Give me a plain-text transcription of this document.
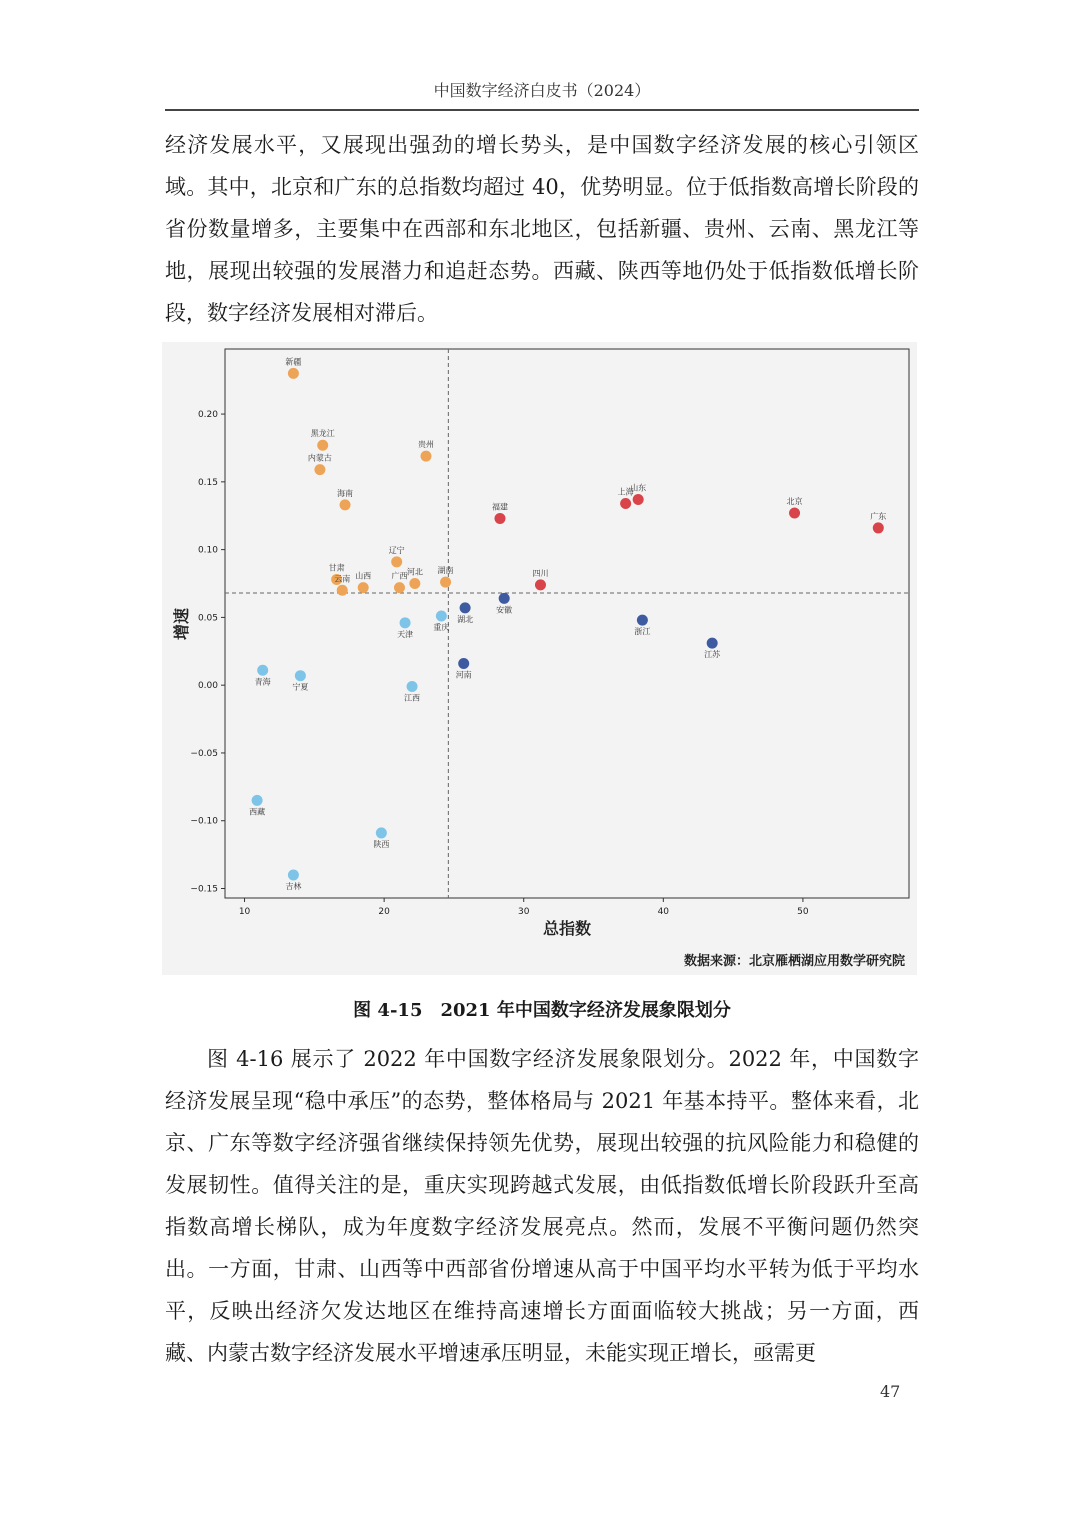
中国数字经济白皮书（2024）

经济发展水平，又展现出强劲的增长势头，是中国数字经济发展的核心引领区域。其中，北京和广东的总指数均超过 40，优势明显。位于低指数高增长阶段的省份数量增多，主要集中在西部和东北地区，包括新疆、贵州、云南、黑龙江等地，展现出较强的发展潜力和追赶态势。西藏、陕西等地仍处于低指数低增长阶段，数字经济发展相对滞后。

10	20	30	40	50
−0.15
−0.10
−0.05
0.00
0.05
0.10
0.15
0.20
北京
广东
上海
山东
福建
四川
新疆
黑龙江
内蒙古
贵州
海南
甘肃
云南 山西
辽宁
广西 河北 湖南
湖北
安徽
浙江
江苏
河南
重庆
天津
青海
宁夏
江西
西藏
陕西
吉林
总指数
增速
数据来源：北京雁栖湖应用数学研究院
图 4-15　2021 年中国数字经济发展象限划分

图 4-16 展示了 2022 年中国数字经济发展象限划分。2022 年，中国数字经济发展呈现“稳中承压”的态势，整体格局与 2021 年基本持平。整体来看，北京、广东等数字经济强省继续保持领先优势，展现出较强的抗风险能力和稳健的发展韧性。值得关注的是，重庆实现跨越式发展，由低指数低增长阶段跃升至高指数高增长梯队，成为年度数字经济发展亮点。然而，发展不平衡问题仍然突出。一方面，甘肃、山西等中西部省份增速从高于中国平均水平转为低于平均水平，反映出经济欠发达地区在维持高速增长方面面临较大挑战；另一方面，西藏、内蒙古数字经济发展水平增速承压明显，未能实现正增长，亟需更

47
